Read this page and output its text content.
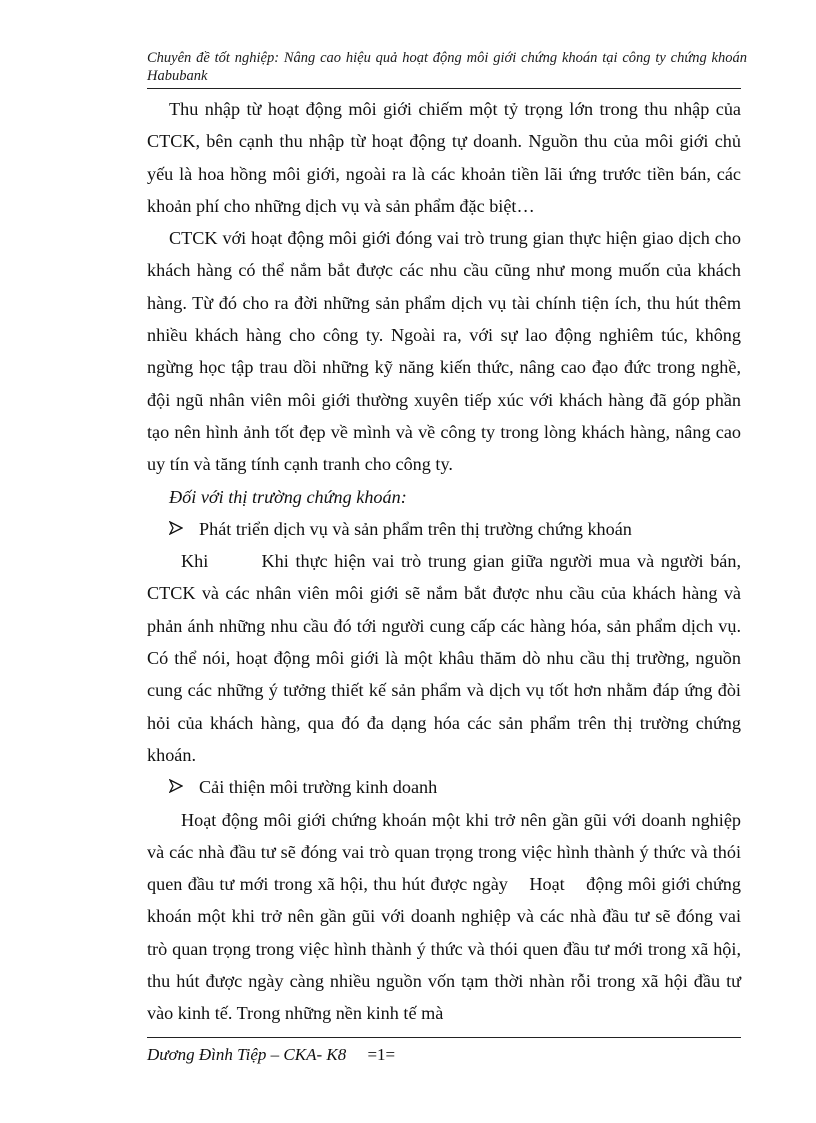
Chuyên đề tốt nghiệp: Nâng cao hiệu quả hoạt động môi giới chứng khoán tại công ty chứng khoán Habubank

Thu nhập từ hoạt động môi giới chiếm một tỷ trọng lớn trong thu nhập của CTCK, bên cạnh thu nhập từ hoạt động tự doanh. Nguồn thu của môi giới chủ yếu là hoa hồng môi giới, ngoài ra là các khoản tiền lãi ứng trước tiền bán, các khoản phí cho những dịch vụ và sản phẩm đặc biệt…

CTCK với hoạt động môi giới đóng vai trò trung gian thực hiện giao dịch cho khách hàng có thể nắm bắt được các nhu cầu cũng như mong muốn của khách hàng. Từ đó cho ra đời những sản phẩm dịch vụ tài chính tiện ích, thu hút thêm nhiều khách hàng cho công ty. Ngoài ra, với sự lao động nghiêm túc, không ngừng học tập trau dồi những kỹ năng kiến thức, nâng cao đạo đức trong nghề, đội ngũ nhân viên môi giới thường xuyên tiếp xúc với khách hàng đã góp phần tạo nên hình ảnh tốt đẹp về mình và về công ty trong lòng khách hàng, nâng cao uy tín và tăng tính cạnh tranh cho công ty.

Đối với thị trường chứng khoán:

Phát triển dịch vụ và sản phẩm trên thị trường chứng khoán

Khi        Khi thực hiện vai trò trung gian giữa người mua và người bán, CTCK và các nhân viên môi giới sẽ nắm bắt được nhu cầu của khách hàng và phản ánh những nhu cầu đó tới người cung cấp các hàng hóa, sản phẩm dịch vụ. Có thể nói, hoạt động môi giới là một khâu thăm dò nhu cầu thị trường, nguồn cung các những ý tưởng thiết kế sản phẩm và dịch vụ tốt hơn nhằm đáp ứng đòi hỏi của khách hàng, qua đó đa dạng hóa các sản phẩm trên thị trường chứng khoán.

Cải thiện môi trường kinh doanh

Hoạt động môi giới chứng khoán một khi trở nên gần gũi với doanh nghiệp và các nhà đầu tư sẽ đóng vai trò quan trọng trong việc hình thành ý thức và thói quen đầu tư mới trong xã hội, thu hút được ngày    Hoạt    động môi giới chứng khoán một khi trở nên gần gũi với doanh nghiệp và các nhà đầu tư sẽ đóng vai trò quan trọng trong việc hình thành ý thức và thói quen đầu tư mới trong xã hội, thu hút được ngày càng nhiều nguồn vốn tạm thời nhàn rỗi trong xã hội đầu tư vào kinh tế. Trong những nền kinh tế mà

Dương Đình Tiệp – CKA- K8 =1=
